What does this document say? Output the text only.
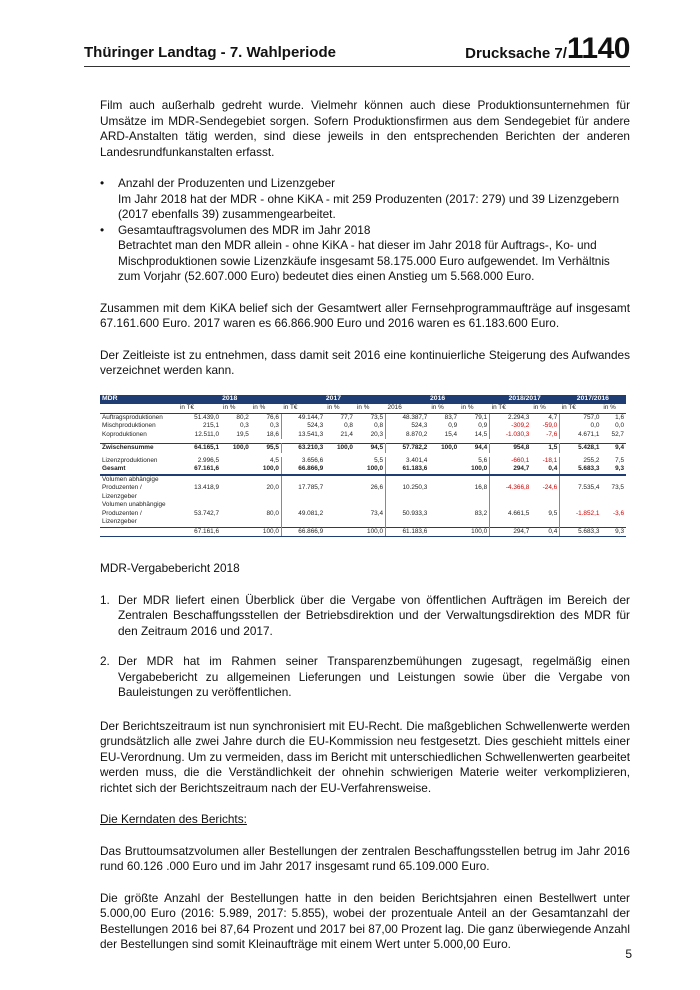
Thüringer Landtag - 7. Wahlperiode	Drucksache 7/1140

Film auch außerhalb gedreht wurde. Vielmehr können auch diese Produktionsunternehmen für Umsätze im MDR-Sendegebiet sorgen. Sofern Produktionsfirmen aus dem Sendegebiet für andere ARD-Anstalten tätig werden, sind diese jeweils in den entsprechenden Berichten der anderen Landesrundfunkanstalten erfasst.

• Anzahl der Produzenten und Lizenzgeber
Im Jahr 2018 hat der MDR - ohne KiKA - mit 259 Produzenten (2017: 279) und 39 Lizenzgebern (2017 ebenfalls 39) zusammengearbeitet.
• Gesamtauftragsvolumen des MDR im Jahr 2018
Betrachtet man den MDR allein - ohne KiKA - hat dieser im Jahr 2018 für Auftrags-, Ko- und Mischproduktionen sowie Lizenzkäufe insgesamt 58.175.000 Euro aufgewendet. Im Verhältnis zum Vorjahr (52.607.000 Euro) bedeutet dies einen Anstieg um 5.568.000 Euro.

Zusammen mit dem KiKA belief sich der Gesamtwert aller Fernsehprogrammaufträge auf insgesamt 67.161.600 Euro. 2017 waren es 66.866.900 Euro und 2016 waren es 61.183.600 Euro.

Der Zeitleiste ist zu entnehmen, dass damit seit 2016 eine kontinuierliche Steigerung des Aufwandes verzeichnet werden kann.

MDR	2018			2017			2016			2018/2017		2017/2016	
	in T€	in %	in %	in T€	in %	in %	2016	in %	in %	in T€	in %	in T€	in %
Auftragsproduktionen	51.439,0	80,2	76,6	49.144,7	77,7	73,5	48.387,7	83,7	79,1	2.294,3	4,7	757,0	1,6
Mischproduktionen	215,1	0,3	0,3	524,3	0,8	0,8	524,3	0,9	0,9	-309,2	-59,0	0,0	0,0
Koproduktionen	12.511,0	19,5	18,6	13.541,3	21,4	20,3	8.870,2	15,4	14,5	-1.030,3	-7,6	4.671,1	52,7

Zwischensumme	64.165,1	100,0	95,5	63.210,3	100,0	94,5	57.782,2	100,0	94,4	954,8	1,5	5.428,1	9,4

Lizenzproduktionen	2.996,5		4,5	3.656,6		5,5	3.401,4		5,6	-660,1	-18,1	255,2	7,5
Gesamt	67.161,6		100,0	66.866,9		100,0	61.183,6		100,0	294,7	0,4	5.683,3	9,3
Volumen abhängige Produzenten / Lizenzgeber	13.418,9		20,0	17.785,7		26,6	10.250,3		16,8	-4.366,8	-24,6	7.535,4	73,5
Volumen unabhängige Produzenten / Lizenzgeber	53.742,7		80,0	49.081,2		73,4	50.933,3		83,2	4.661,5	9,5	-1.852,1	-3,6
	67.161,6		100,0	66.866,9		100,0	61.183,6		100,0	294,7	0,4	5.683,3	9,3

MDR-Vergabebericht 2018

1. Der MDR liefert einen Überblick über die Vergabe von öffentlichen Aufträgen im Bereich der Zentralen Beschaffungsstellen der Betriebsdirektion und der Verwaltungsdirektion des MDR für den Zeitraum 2016 und 2017.
2. Der MDR hat im Rahmen seiner Transparenzbemühungen zugesagt, regelmäßig einen Vergabebericht zu allgemeinen Lieferungen und Leistungen sowie über die Vergabe von Bauleistungen zu veröffentlichen.

Der Berichtszeitraum ist nun synchronisiert mit EU-Recht. Die maßgeblichen Schwellenwerte werden grundsätzlich alle zwei Jahre durch die EU-Kommission neu festgesetzt. Dies geschieht mittels einer EU-Verordnung. Um zu vermeiden, dass im Bericht mit unterschiedlichen Schwellenwerten gearbeitet werden muss, die die Verständlichkeit der ohnehin schwierigen Materie weiter verkomplizieren, richtet sich der Berichtszeitraum nach der EU-Verfahrensweise.

Die Kerndaten des Berichts:

Das Bruttoumsatzvolumen aller Bestellungen der zentralen Beschaffungsstellen betrug im Jahr 2016 rund 60.126 .000 Euro und im Jahr 2017 insgesamt rund 65.109.000 Euro.

Die größte Anzahl der Bestellungen hatte in den beiden Berichtsjahren einen Bestellwert unter 5.000,00 Euro (2016: 5.989, 2017: 5.855), wobei der prozentuale Anteil an der Gesamtanzahl der Bestellungen 2016 bei 87,64 Prozent und 2017 bei 87,00 Prozent lag. Die ganz überwiegende Anzahl der Bestellungen sind somit Kleinaufträge mit einem Wert unter 5.000,00 Euro.

5
